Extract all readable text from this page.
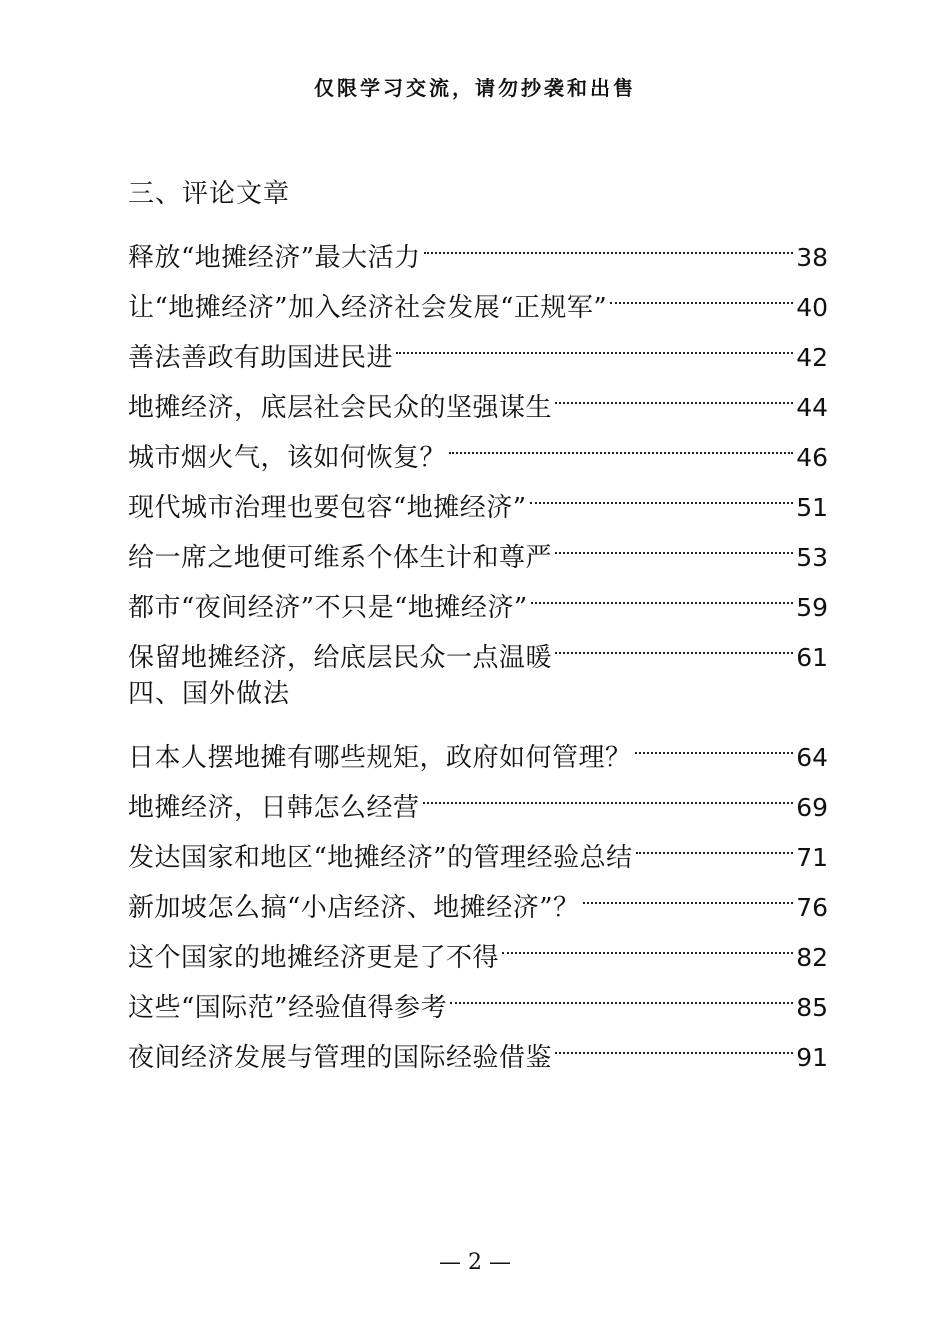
仅限学习交流，请勿抄袭和出售
三、评论文章
释放“地摊经济”最大活力	38
让“地摊经济”加入经济社会发展“正规军”	40
善法善政有助国进民进	42
地摊经济，底层社会民众的坚强谋生	44
城市烟火气，该如何恢复？	46
现代城市治理也要包容“地摊经济”	51
给一席之地便可维系个体生计和尊严	53
都市“夜间经济”不只是“地摊经济”	59
保留地摊经济，给底层民众一点温暖	61
四、国外做法
日本人摆地摊有哪些规矩，政府如何管理？	64
地摊经济，日韩怎么经营	69
发达国家和地区“地摊经济”的管理经验总结	71
新加坡怎么搞“小店经济、地摊经济”？	76
这个国家的地摊经济更是了不得	82
这些“国际范”经验值得参考	85
夜间经济发展与管理的国际经验借鉴	91
— 2 —
